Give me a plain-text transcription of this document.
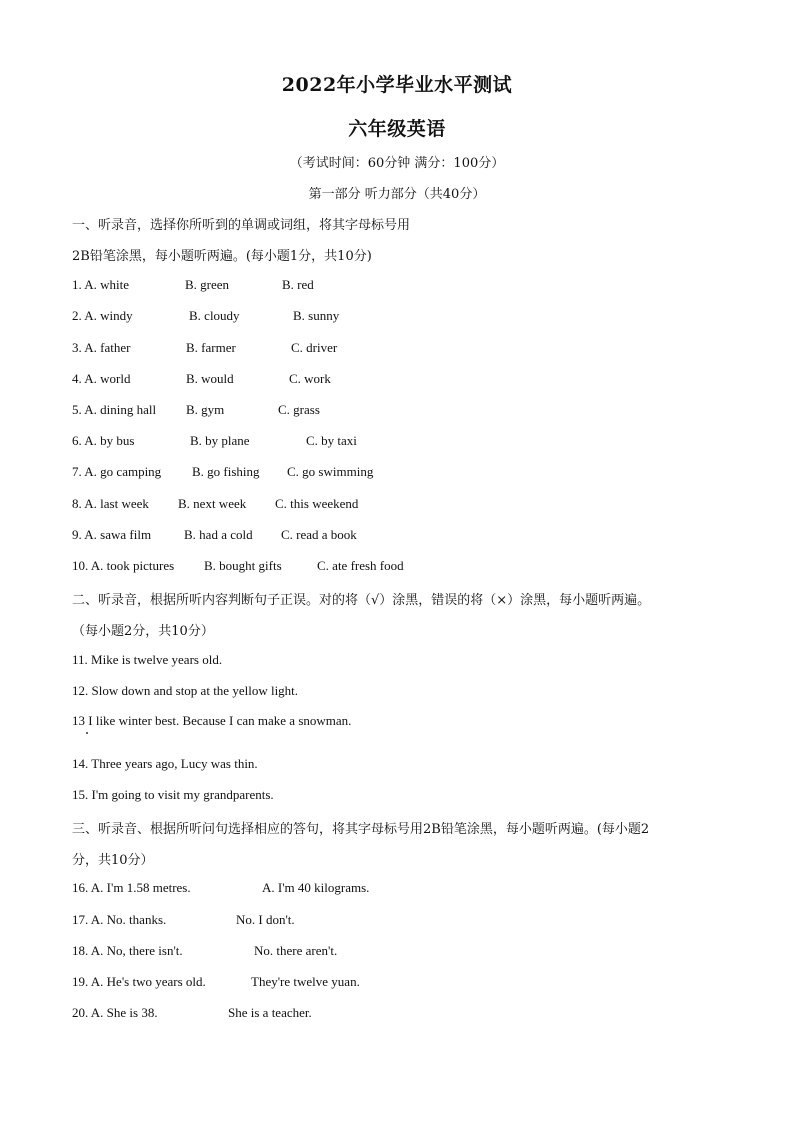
2022年小学毕业水平测试
六年级英语
（考试时间：60分钟 满分：100分）
第一部分 听力部分（共40分）
一、听录音，选择你所听到的单调或词组，将其字母标号用
2B铅笔涂黑，每小题听两遍。(每小题1分，共10分)
1. A. white	B. green	B. red
2. A. windy	B. cloudy	B. sunny
3. A. father	B. farmer	C. driver
4. A. world	B. would	C. work
5. A. dining hall B. gym	C. grass
6. A. by bus	B. by plane	C. by taxi
7. A. go camping B. go fishing C. go swimming
8. A. last week B. next week C. this weekend
9. A. sawa film	B. had a cold C. read a book
10. A. took pictures B. bought gifts	C. ate fresh food
二、听录音，根据所听内容判断句子正误。对的将（√）涂黑，错误的将（×）涂黑，每小题听两遍。
（每小题2分，共10分）
11. Mike is twelve years old.
12. Slow down and stop at the yellow light.
13 I like winter best. Because I can make a snowman.
14. Three years ago, Lucy was thin.
15. I'm going to visit my grandparents.
三、听录音、根据所听问句选择相应的答句，将其字母标号用2B铅笔涂黑，每小题听两遍。(每小题2
分，共10分）
16. A. I'm 1.58 metres.	A. I'm 40 kilograms.
17. A. No. thanks.	No. I don't.
18. A. No, there isn't.	No. there aren't.
19. A. He's two years old.	They're twelve yuan.
20. A. She is 38.	She is a teacher.
